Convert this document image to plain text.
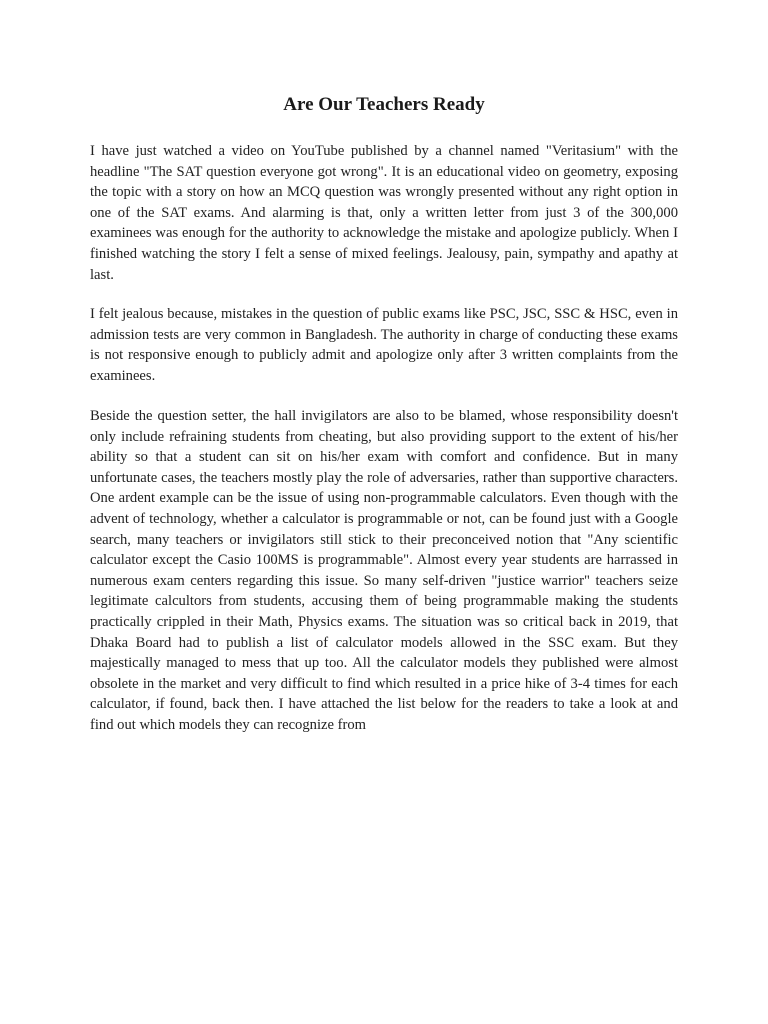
Are Our Teachers Ready

I have just watched a video on YouTube published by a channel named "Veritasium" with the headline "The SAT question everyone got wrong". It is an educational video on geometry, exposing the topic with a story on how an MCQ question was wrongly presented without any right option in one of the SAT exams. And alarming is that, only a written letter from just 3 of the 300,000 examinees was enough for the authority to acknowledge the mistake and apologize publicly. When I finished watching the story I felt a sense of mixed feelings. Jealousy, pain, sympathy and apathy at last.

I felt jealous because, mistakes in the question of public exams like PSC, JSC, SSC & HSC, even in admission tests are very common in Bangladesh. The authority in charge of conducting these exams is not responsive enough to publicly admit and apologize only after 3 written complaints from the examinees.

Beside the question setter, the hall invigilators are also to be blamed, whose responsibility doesn't only include refraining students from cheating, but also providing support to the extent of his/her ability so that a student can sit on his/her exam with comfort and confidence. But in many unfortunate cases, the teachers mostly play the role of adversaries, rather than supportive characters. One ardent example can be the issue of using non-programmable calculators. Even though with the advent of technology, whether a calculator is programmable or not, can be found just with a Google search, many teachers or invigilators still stick to their preconceived notion that "Any scientific calculator except the Casio 100MS is programmable". Almost every year students are harrassed in numerous exam centers regarding this issue. So many self-driven "justice warrior" teachers seize legitimate calcultors from students, accusing them of being programmable making the students practically crippled in their Math, Physics exams. The situation was so critical back in 2019, that Dhaka Board had to publish a list of calculator models allowed in the SSC exam. But they majestically managed to mess that up too. All the calculator models they published were almost obsolete in the market and very difficult to find which resulted in a price hike of 3-4 times for each calculator, if found, back then. I have attached the list below for the readers to take a look at and find out which models they can recognize from
